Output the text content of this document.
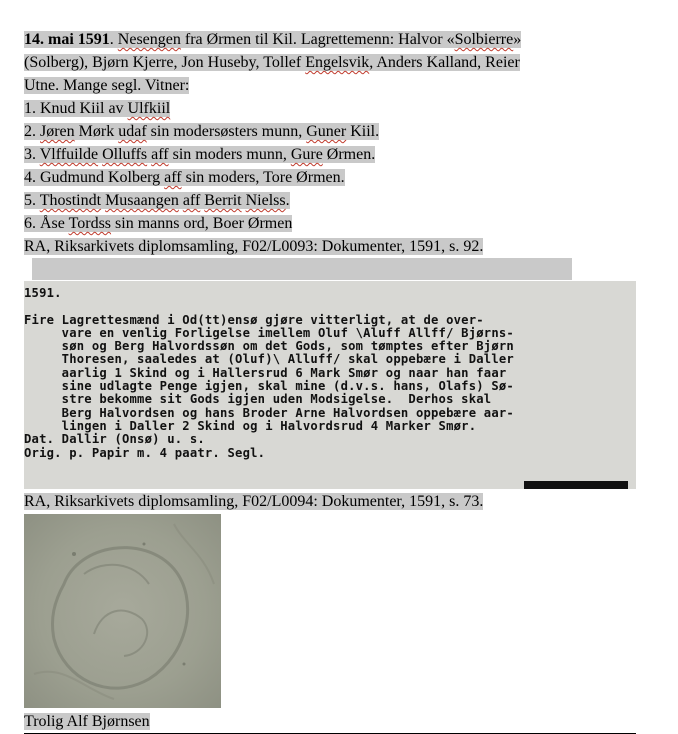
14. mai 1591. Nesengen fra Ørmen til Kil. Lagrettemenn: Halvor «Solbierre»
(Solberg), Bjørn Kjerre, Jon Huseby, Tollef Engelsvik, Anders Kalland, Reier
Utne. Mange segl. Vitner:
1. Knud Kiil av Ulfkiil
2. Jøren Mørk udaf sin modersøsters munn, Guner Kiil.
3. Vlffuilde Olluffs aff sin moders munn, Gure Ørmen.
4. Gudmund Kolberg aff sin moders, Tore Ørmen.
5. Thostindt Musaangen aff Berrit Nielss.
6. Åse Tordss sin manns ord, Boer Ørmen
RA, Riksarkivets diplomsamling, F02/L0093: Dokumenter, 1591, s. 92.
1591.

Fire Lagrettesmænd i Od(tt)ensø gjøre vitterligt, at de over-
vare en venlig Forligelse imellem Oluf \Aluff Allff/ Bjørns-
søn og Berg Halvordssøn om det Gods, som tømptes efter Bjørn
Thoresen, saaledes at (Oluf)\ Alluff/ skal oppebære i Daller
aarlig 1 Skind og i Hallersrud 6 Mark Smør og naar han faar
sine udlagte Penge igjen, skal mine (d.v.s. hans, Olafs) Sø-
stre bekomme sit Gods igjen uden Modsigelse.  Derhos skal
Berg Halvordsen og hans Broder Arne Halvordsen oppebære aar-
lingen i Daller 2 Skind og i Halvordsrud 4 Marker Smør.
Dat. Dallir (Onsø) u. s.
Orig. p. Papir m. 4 paatr. Segl.
RA, Riksarkivets diplomsamling, F02/L0094: Dokumenter, 1591, s. 73.
Trolig Alf Bjørnsen
